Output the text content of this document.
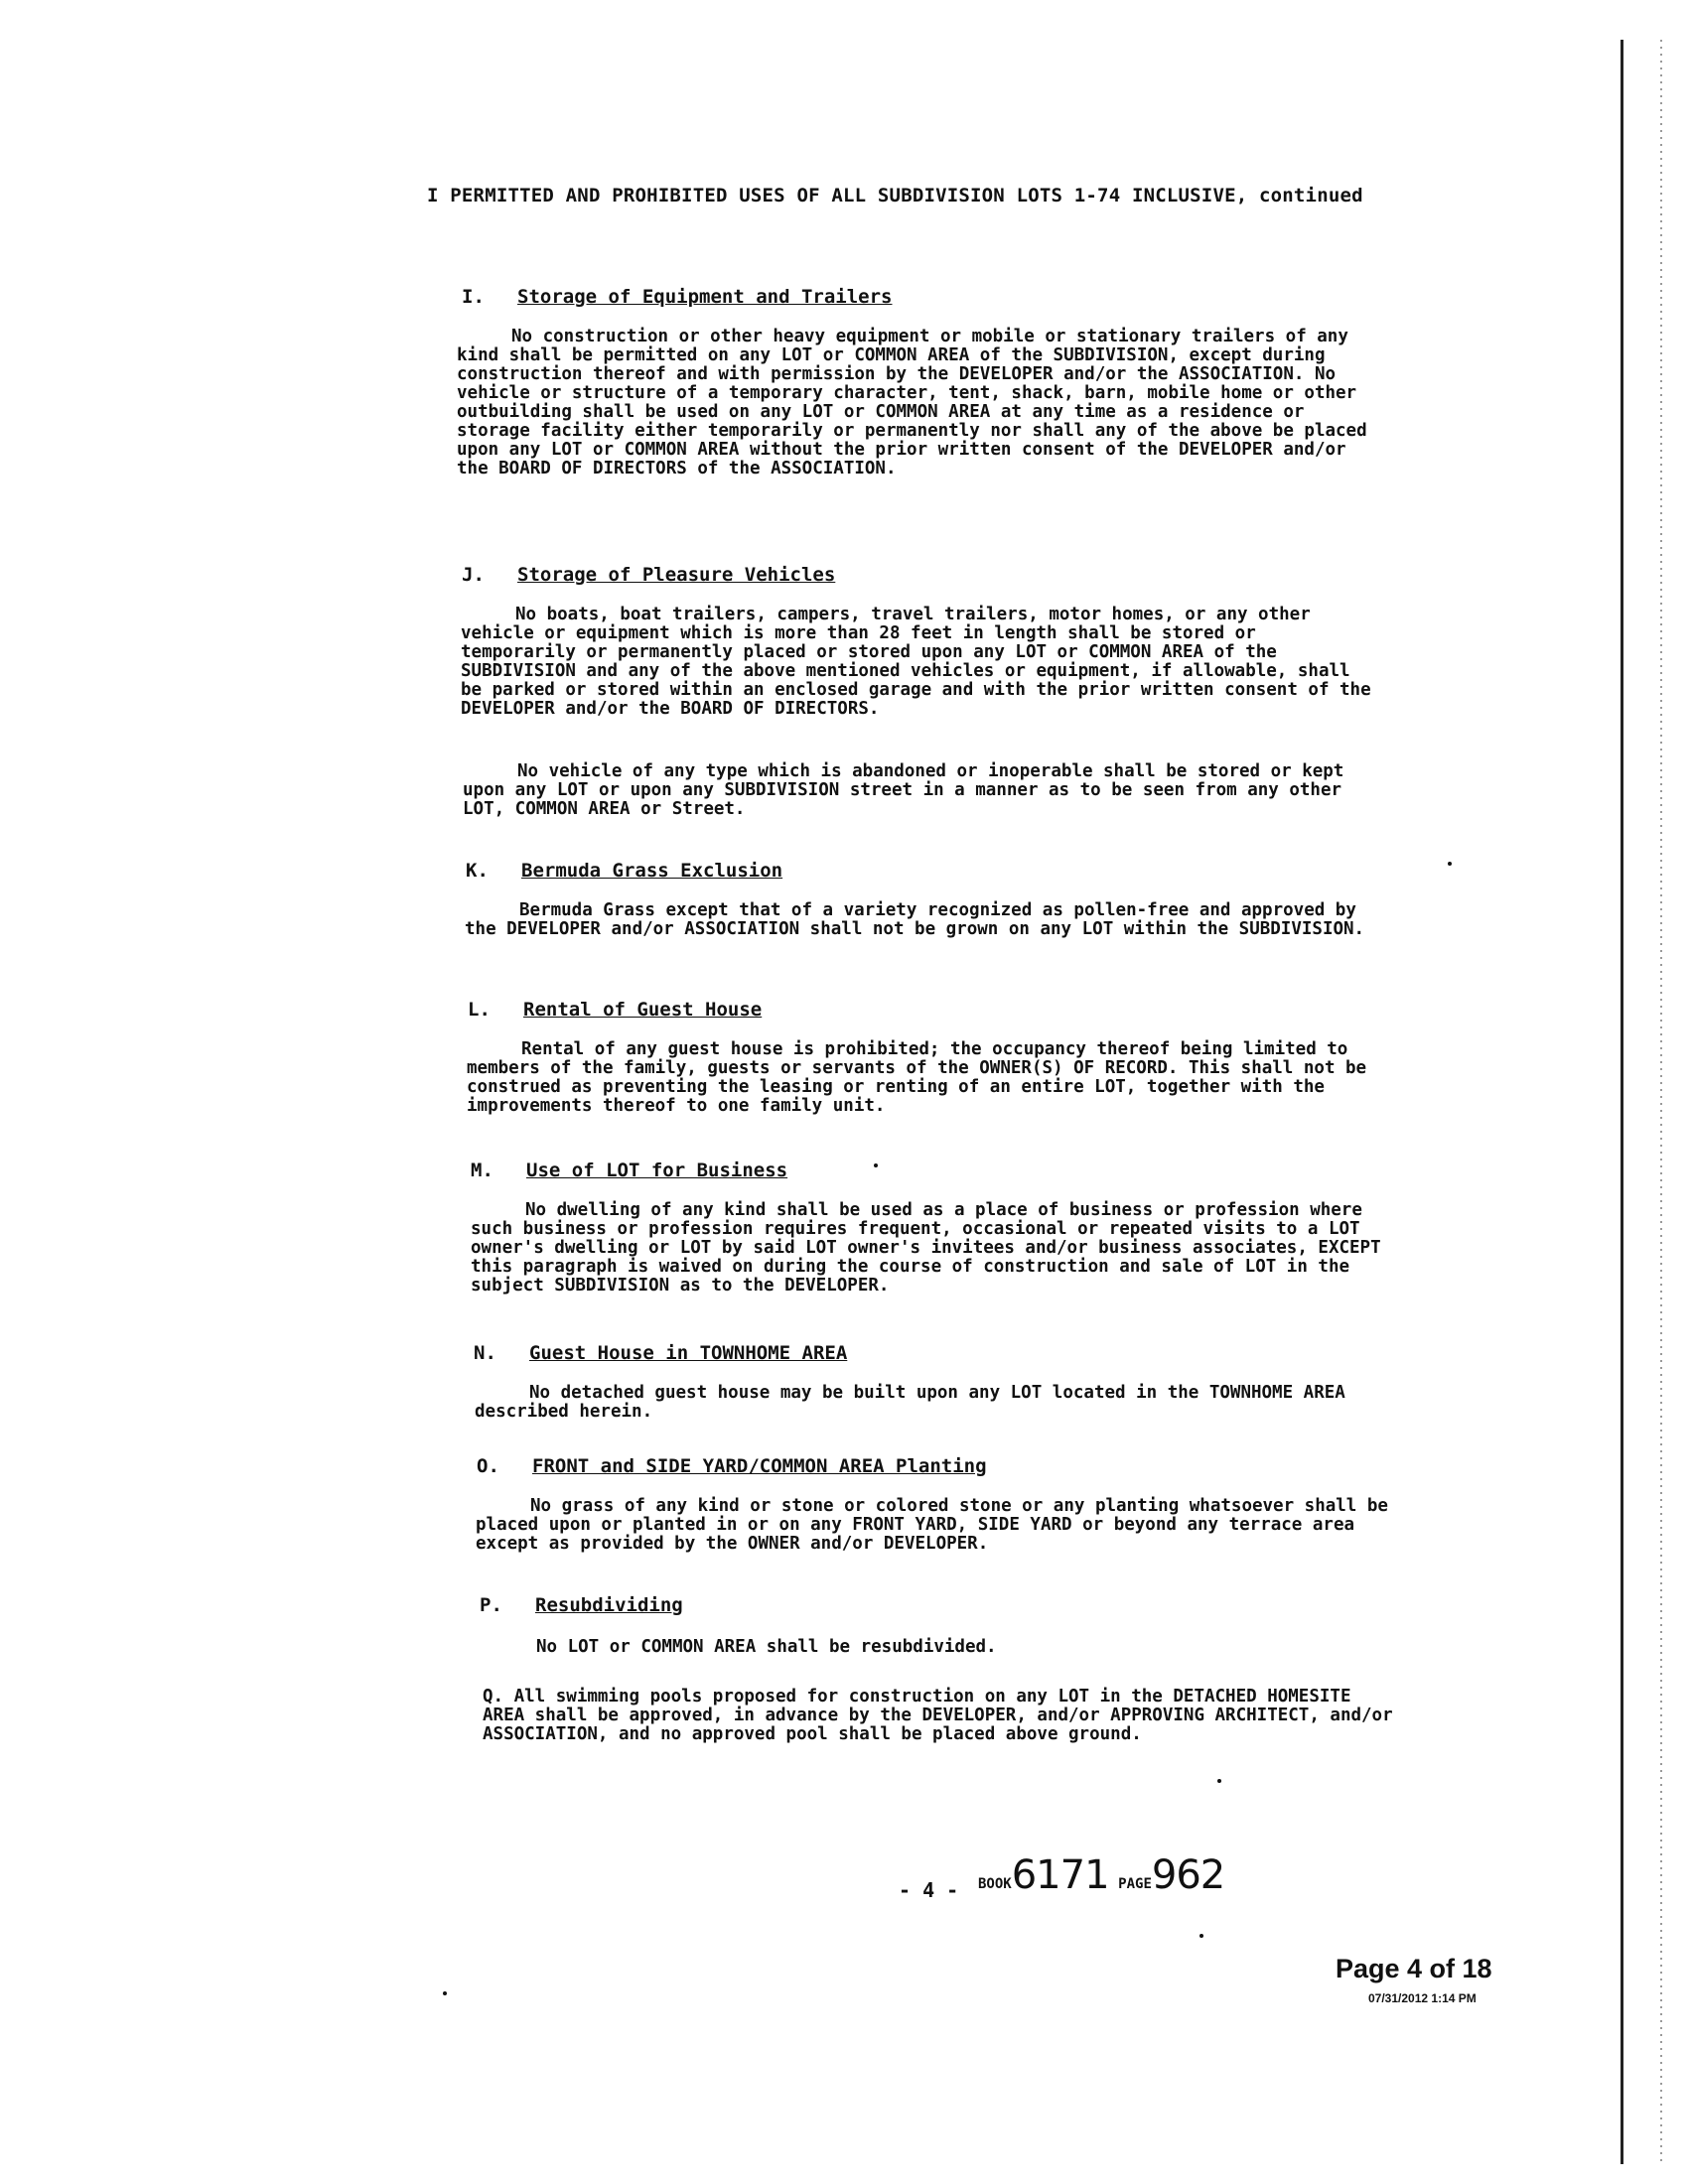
I PERMITTED AND PROHIBITED USES OF ALL SUBDIVISION LOTS 1-74 INCLUSIVE, continued
I. Storage of Equipment and Trailers

No construction or other heavy equipment or mobile or stationary trailers of any kind shall be permitted on any LOT or COMMON AREA of the SUBDIVISION, except during construction thereof and with permission by the DEVELOPER and/or the ASSOCIATION. No vehicle or structure of a temporary character, tent, shack, barn, mobile home or other outbuilding shall be used on any LOT or COMMON AREA at any time as a residence or storage facility either temporarily or permanently nor shall any of the above be placed upon any LOT or COMMON AREA without the prior written consent of the DEVELOPER and/or the BOARD OF DIRECTORS of the ASSOCIATION.

J. Storage of Pleasure Vehicles

No boats, boat trailers, campers, travel trailers, motor homes, or any other vehicle or equipment which is more than 28 feet in length shall be stored or temporarily or permanently placed or stored upon any LOT or COMMON AREA of the SUBDIVISION and any of the above mentioned vehicles or equipment, if allowable, shall be parked or stored within an enclosed garage and with the prior written consent of the DEVELOPER and/or the BOARD OF DIRECTORS.

No vehicle of any type which is abandoned or inoperable shall be stored or kept upon any LOT or upon any SUBDIVISION street in a manner as to be seen from any other LOT, COMMON AREA or Street.

K. Bermuda Grass Exclusion

Bermuda Grass except that of a variety recognized as pollen-free and approved by the DEVELOPER and/or ASSOCIATION shall not be grown on any LOT within the SUBDIVISION.

L. Rental of Guest House

Rental of any guest house is prohibited; the occupancy thereof being limited to members of the family, guests or servants of the OWNER(S) OF RECORD. This shall not be construed as preventing the leasing or renting of an entire LOT, together with the improvements thereof to one family unit.

M. Use of LOT for Business

No dwelling of any kind shall be used as a place of business or profession where such business or profession requires frequent, occasional or repeated visits to a LOT owner's dwelling or LOT by said LOT owner's invitees and/or business associates, EXCEPT this paragraph is waived on during the course of construction and sale of LOT in the subject SUBDIVISION as to the DEVELOPER.

N. Guest House in TOWNHOME AREA

No detached guest house may be built upon any LOT located in the TOWNHOME AREA described herein.

O. FRONT and SIDE YARD/COMMON AREA Planting

No grass of any kind or stone or colored stone or any planting whatsoever shall be placed upon or planted in or on any FRONT YARD, SIDE YARD or beyond any terrace area except as provided by the OWNER and/or DEVELOPER.

P. Resubdividing

No LOT or COMMON AREA shall be resubdivided.

Q. All swimming pools proposed for construction on any LOT in the DETACHED HOMESITE AREA shall be approved, in advance by the DEVELOPER, and/or APPROVING ARCHITECT, and/or ASSOCIATION, and no approved pool shall be placed above ground.

- 4 - BOOK6171 PAGE962
Page 4 of 18
07/31/2012 1:14 PM
